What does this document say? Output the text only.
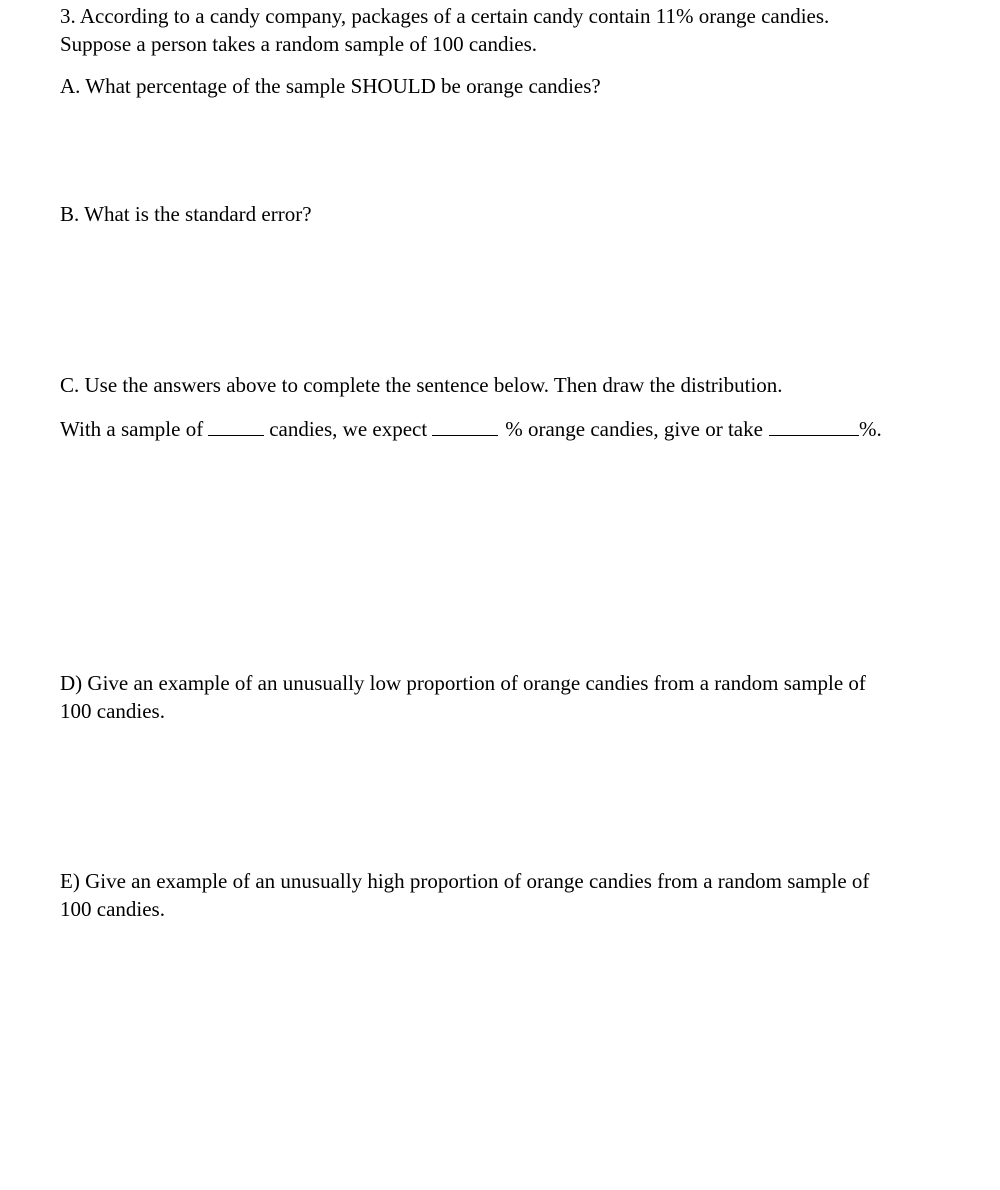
3. According to a candy company, packages of a certain candy contain 11% orange candies.
Suppose a person takes a random sample of 100 candies.
A. What percentage of the sample SHOULD be orange candies?
B. What is the standard error?
C. Use the answers above to complete the sentence below. Then draw the distribution.
With a sample of	candies, we expect	% orange candies, give or take	%.
D) Give an example of an unusually low proportion of orange candies from a random sample of
100 candies.
E) Give an example of an unusually high proportion of orange candies from a random sample of
100 candies.
